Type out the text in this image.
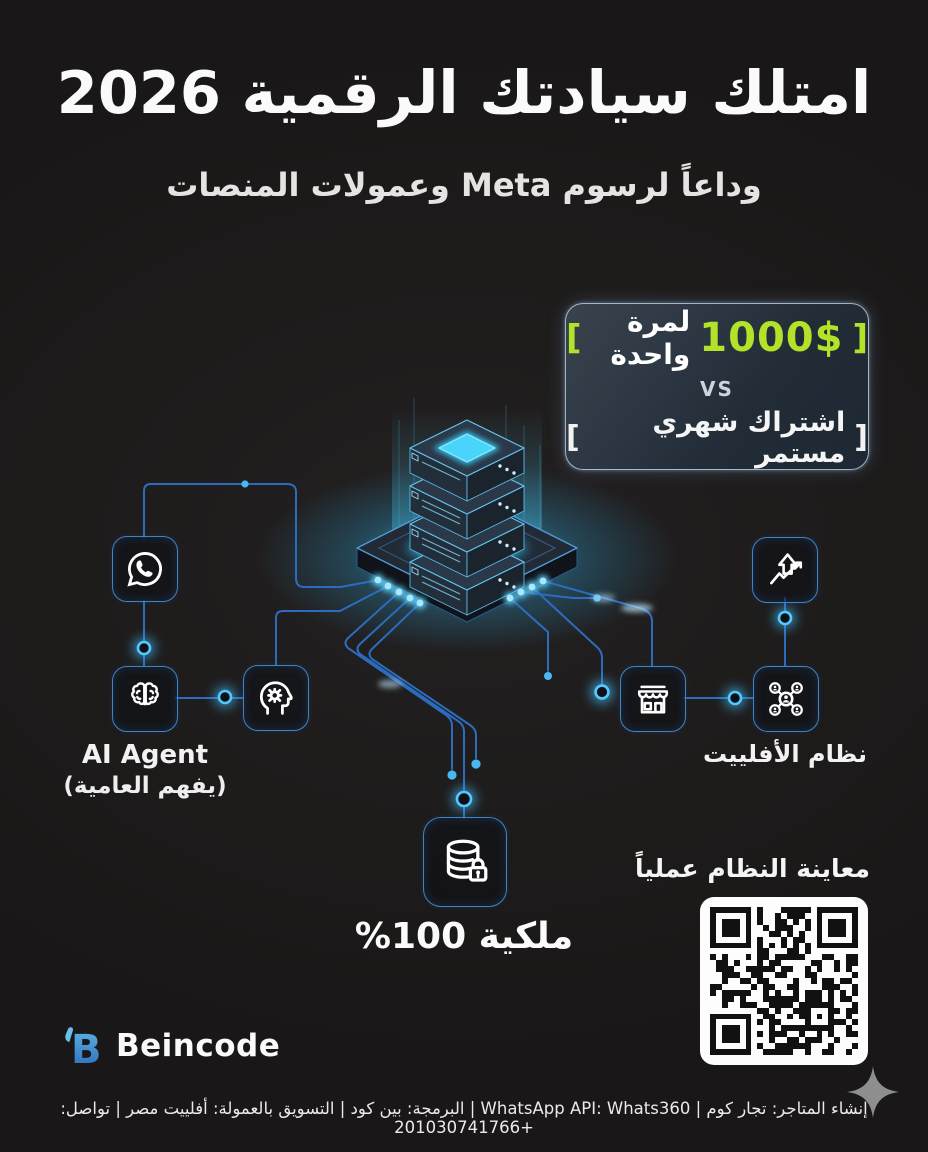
امتلك سيادتك الرقمية 2026
وداعاً لرسوم Meta وعمولات المنصات
[	لمرة واحدة 1000$ ]
VS
[	اشتراك شهري مستمر ]
AI Agent
(يفهم العامية)
نظام الأفلييت
ملكية 100%
معاينة النظام عملياً
B Beincode
إنشاء المتاجر: تجار كوم | WhatsApp API: Whats360 | البرمجة: بين كود | التسويق بالعمولة: أفلييت مصر | تواصل: +201030741766
